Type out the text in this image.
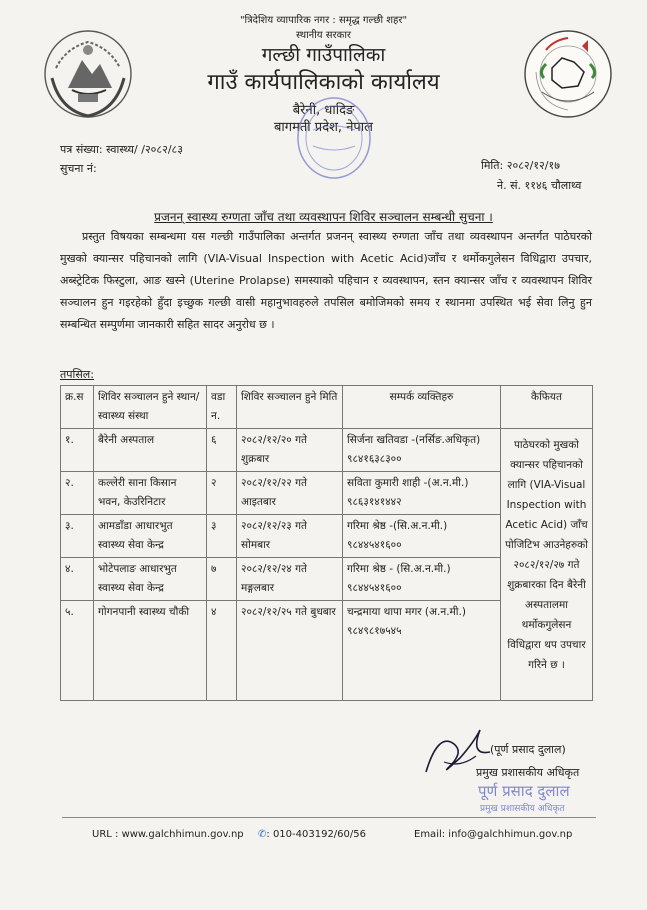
"त्रिदेशिय व्यापारिक नगर : समृद्ध गल्छी शहर"
स्थानीय सरकार
गल्छी गाउँपालिका
गाउँ कार्यपालिकाको कार्यालय
बैरेनी, धादिङ
बागमती प्रदेश, नेपाल
पत्र संख्या: स्वास्थ्य/ /२०८२/८३
सुचना नं:	मिति: २०८२/१२/१७
ने. सं. ११४६ चौलाथ्व
प्रजनन् स्वास्थ्य रुग्णता जाँच तथा व्यवस्थापन शिविर सञ्चालन सम्बन्धी सुचना ।
प्रस्तुत विषयका सम्बन्धमा यस गल्छी गाउँपालिका अन्तर्गत प्रजनन् स्वास्थ्य रुग्णता जाँच तथा व्यवस्थापन अन्तर्गत पाठेघरको मुखको क्यान्सर पहिचानको लागि (VIA-Visual Inspection with Acetic Acid)जाँच र थर्मोकगुलेसन विधिद्वारा उपचार, अब्स्ट्रेटिक फिस्टुला, आङ खस्ने (Uterine Prolapse) समस्याको पहिचान र व्यवस्थापन, स्तन क्यान्सर जाँच र व्यवस्थापन शिविर सञ्चालन हुन गइरहेको हुँदा इच्छुक गल्छी वासी महानुभावहरुले तपसिल बमोजिमको समय र स्थानमा उपस्थित भई सेवा लिनु हुन सम्बन्धित सम्पुर्णमा जानकारी सहित सादर अनुरोध छ ।
तपसिल:
क्र.स	शिविर सञ्चालन हुने स्थान/स्वास्थ्य संस्था	वडा न.	शिविर सञ्चालन हुने मिति	सम्पर्क व्यक्तिहरु	कैफियत
१.	बैरेनी अस्पताल	६	२०८२/१२/२० गते शुक्रबार	सिर्जना खतिवडा -(नर्सिङ.अधिकृत) ९८४१६३८३००	पाठेघरको मुखको क्यान्सर पहिचानको लागि (VIA-Visual Inspection with Acetic Acid) जाँच पोजिटिभ आउनेहरुको २०८२/१२/२७ गते शुक्रबारका दिन बैरेनी अस्पतालमा थर्मोकगुलेसन विधिद्वारा थप उपचार गरिने छ ।
२.	कल्लेरी साना किसान भवन, केउरिनिटार	२	२०८२/१२/२२ गते आइतबार	सविता कुमारी शाही -(अ.न.मी.) ९८६३१४१४४२	
३.	आमडाँडा आधारभुत स्वास्थ्य सेवा केन्द्र	३	२०८२/१२/२३ गते सोमबार	गरिमा श्रेष्ठ -(सि.अ.न.मी.) ९८४४५४१६००	
४.	भोटेपलाङ आधारभुत स्वास्थ्य सेवा केन्द्र	७	२०८२/१२/२४ गते मङ्गलबार	गरिमा श्रेष्ठ - (सि.अ.न.मी.) ९८४४५४१६००	
५.	गोगनपानी स्वास्थ्य चौकी	४	२०८२/१२/२५ गते बुधबार	चन्द्रमाया थापा मगर (अ.न.मी.) ९८४९८१७५४५	
(पूर्ण प्रसाद दुलाल)
प्रमुख प्रशासकीय अधिकृत
पूर्ण प्रसाद दुलाल
प्रमुख प्रशासकीय अधिकृत
URL : www.galchhimun.gov.np ✆: 010-403192/60/56	Email: info@galchhimun.gov.np
